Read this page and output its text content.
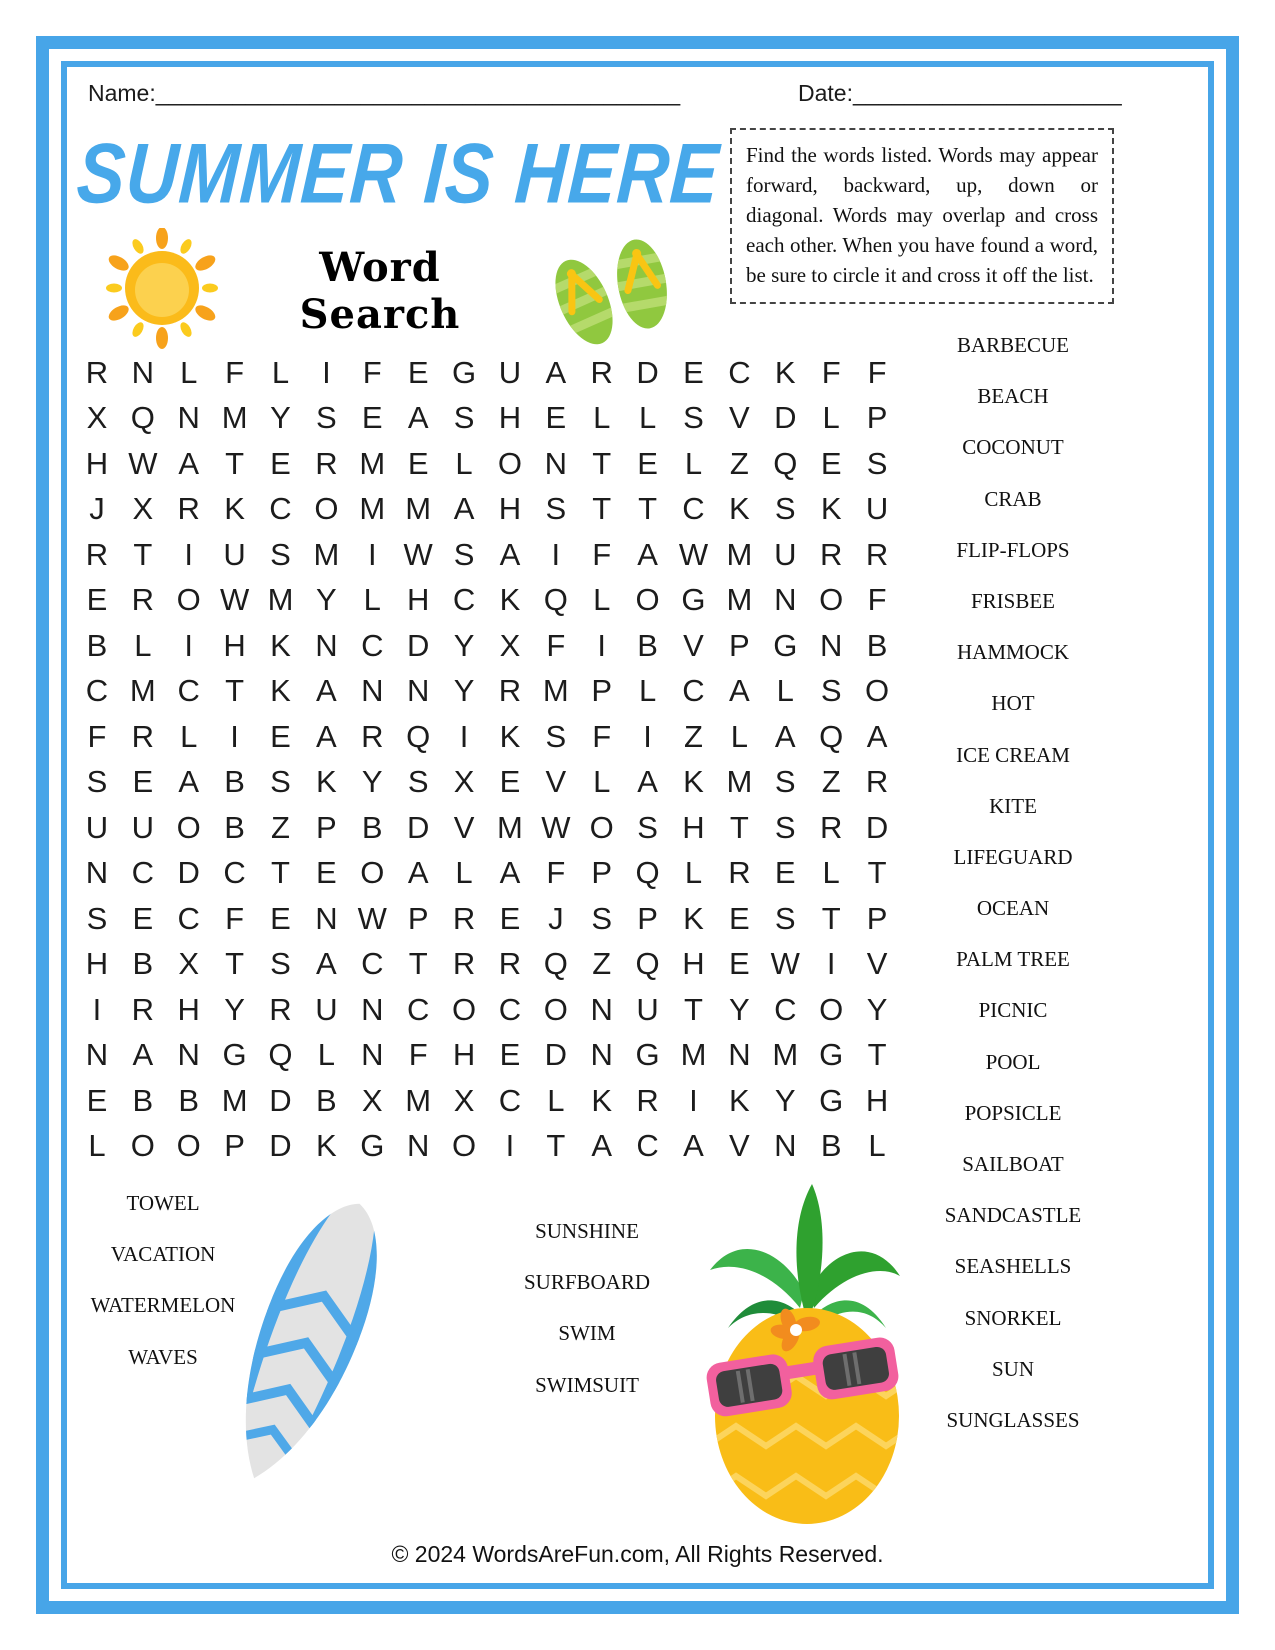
Name:_________________________________________	Date:_____________________
SUMMER IS HERE
Word Search
Find the words listed. Words may appear forward, backward, up, down or diagonal. Words may overlap and cross each other. When you have found a word, be sure to circle it and cross it off the list.
R N L F L	I	F E G U A R D E C K F F
X Q N M Y S E A S H E L L S V D L P
H W A T E R M E L O N T E L Z Q E S
J X R K C O M M A H S T T C K S K U
R T	I U S M I W S A	I	F A W M U R R
E R O W M Y L H C K Q L O G M N O F
B L	I H K N C D Y X F	I	B V P G N B
C M C T K A N N Y R M P L C A L S O
F R L	I	E A R Q I	K S F	I	Z L A Q A
S E A B S K Y S X E V L A K M S Z R
U U O B Z P B D V M W O S H T S R D
N C D C T E O A L A F P Q L R E L T
S E C F E N W P R E J S P K E S T P
H B X T S A C T R R Q Z Q H E W I	V
I R H Y R U N C O C O N U T Y C O Y
N A N G Q L N F H E D N G M N M G T
E B B M D B X M X C L K R I	K Y G H
L O O P D K G N O I	T A C A V N B L
BARBECUE
BEACH
COCONUT
CRAB
FLIP-FLOPS
FRISBEE
HAMMOCK
HOT
ICE CREAM
KITE
LIFEGUARD
OCEAN
PALM TREE
PICNIC
POOL
POPSICLE
SAILBOAT
SANDCASTLE
SEASHELLS
SNORKEL
SUN
SUNGLASSES
TOWEL
VACATION
WATERMELON
WAVES
SUNSHINE
SURFBOARD
SWIM
SWIMSUIT
© 2024 WordsAreFun.com, All Rights Reserved.
